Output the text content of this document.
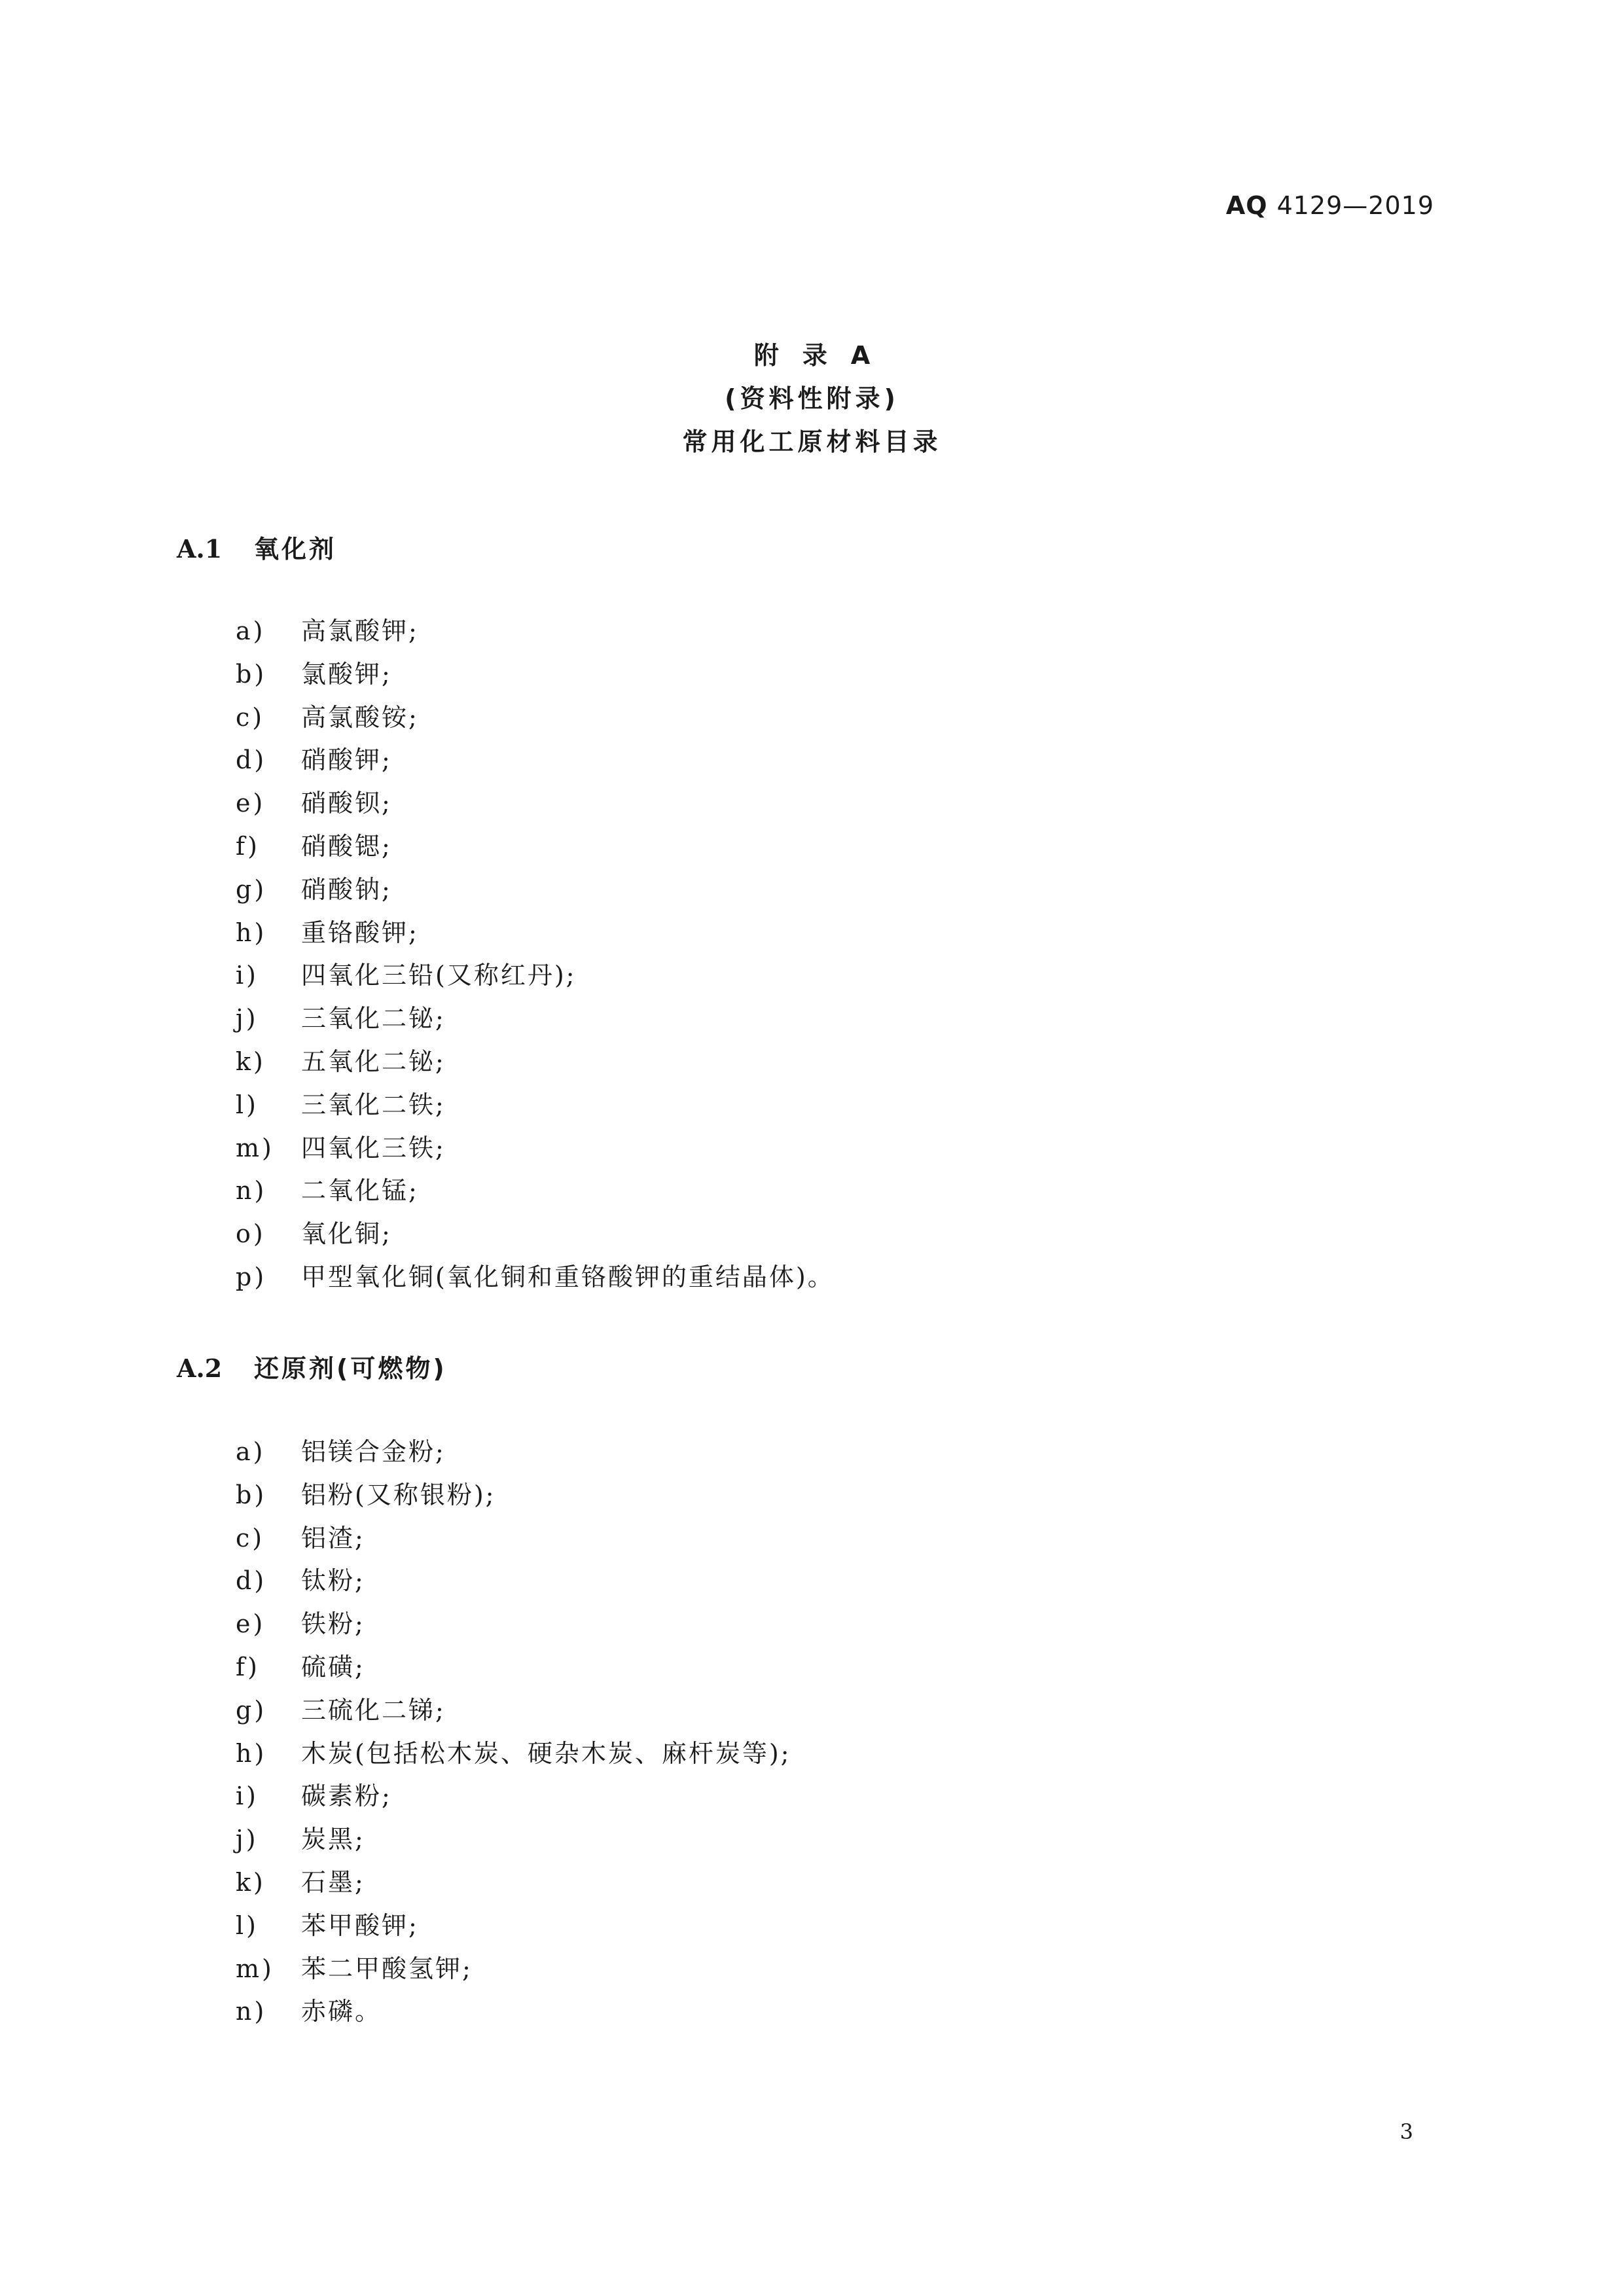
AQ 4129—2019
附录A
(资料性附录)
常用化工原材料目录
A.1 氧化剂
a) 高氯酸钾;
b) 氯酸钾;
c) 高氯酸铵;
d) 硝酸钾;
e) 硝酸钡;
f) 硝酸锶;
g) 硝酸钠;
h) 重铬酸钾;
i) 四氧化三铅(又称红丹);
j) 三氧化二铋;
k) 五氧化二铋;
l) 三氧化二铁;
m) 四氧化三铁;
n) 二氧化锰;
o) 氧化铜;
p) 甲型氧化铜(氧化铜和重铬酸钾的重结晶体)。
A.2 还原剂(可燃物)
a) 铝镁合金粉;
b) 铝粉(又称银粉);
c) 铝渣;
d) 钛粉;
e) 铁粉;
f) 硫磺;
g) 三硫化二锑;
h) 木炭(包括松木炭、硬杂木炭、麻杆炭等);
i) 碳素粉;
j) 炭黑;
k) 石墨;
l) 苯甲酸钾;
m) 苯二甲酸氢钾;
n) 赤磷。
3
